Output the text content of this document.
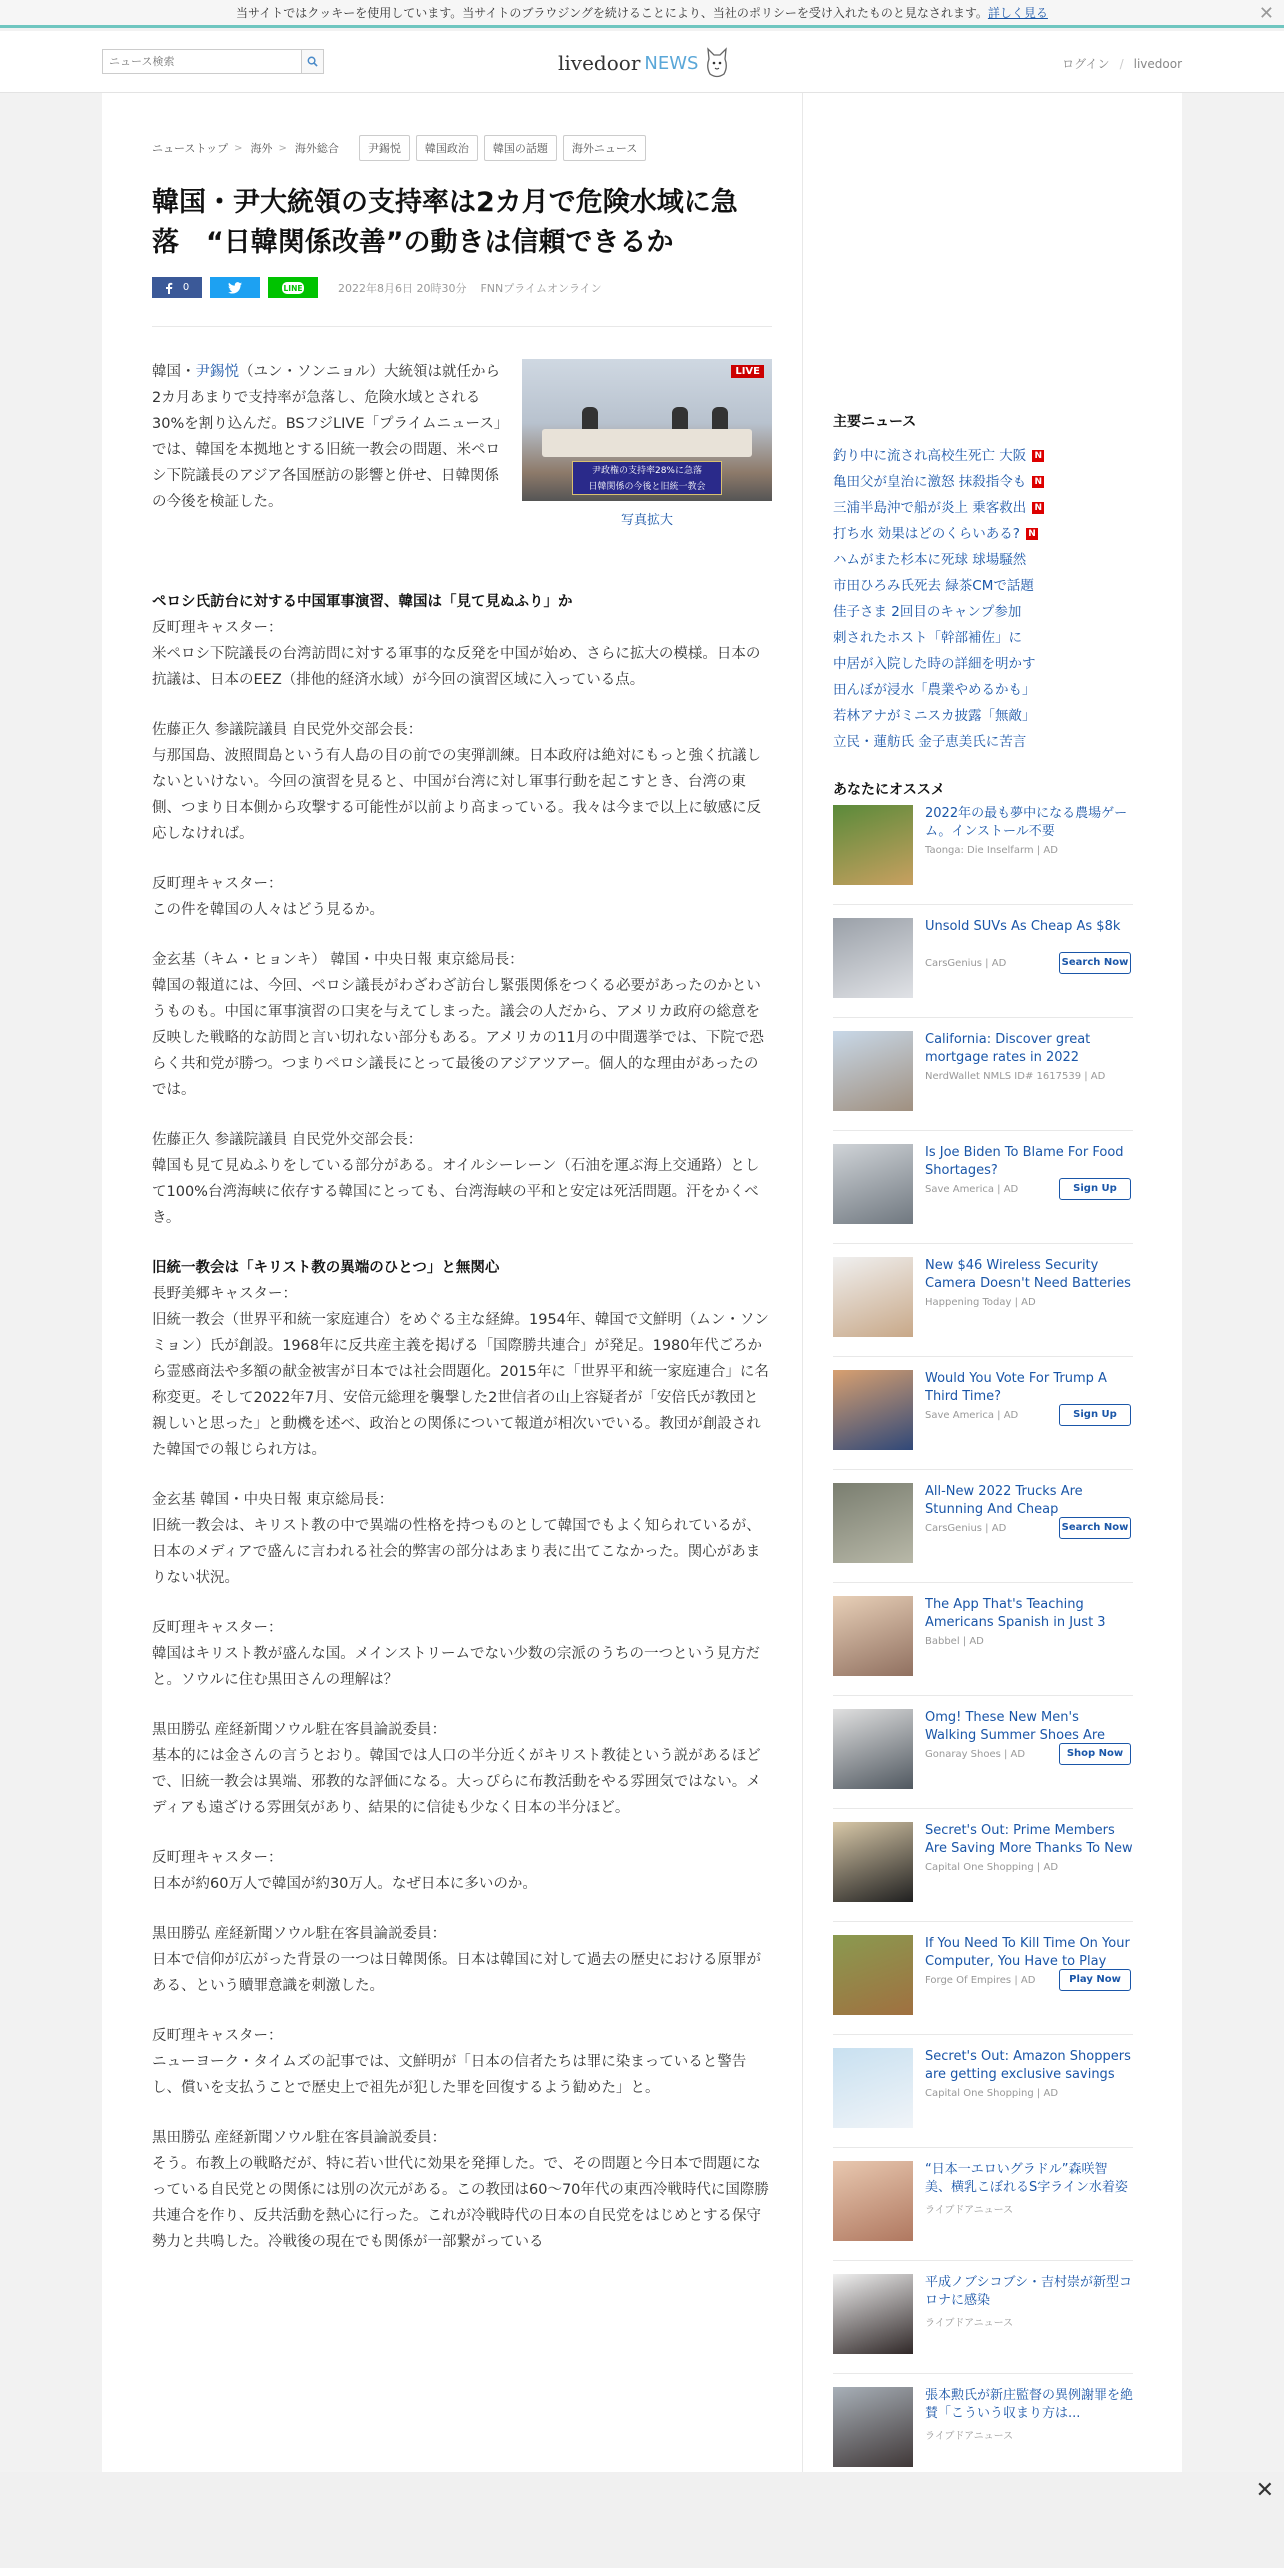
当サイトではクッキーを使用しています。当サイトのブラウジングを続けることにより、当社のポリシーを受け入れたものと見なされます。詳しく見る	✕
ニュース検索
livedoor NEWS	ログイン / livedoor
ニューストップ > 海外 > 海外総合	尹錫悦	韓国政治	韓国の話題	海外ニュース
韓国・尹大統領の支持率は2カ月で危険水域に急落　“日韓関係改善”の動きは信頼できるか
0	LINE	2022年8月6日 20時30分 FNNプライムオンライン
LIVE
尹政権の支持率28%に急落
日韓関係の今後と旧統一教会
写真拡大
韓国・尹錫悦（ユン・ソンニョル）大統領は就任から2カ月あまりで支持率が急落し、危険水域とされる30%を割り込んだ。BSフジLIVE「プライムニュース」では、韓国を本拠地とする旧統一教会の問題、米ペロシ下院議長のアジア各国歴訪の影響と併せ、日韓関係の今後を検証した。
ペロシ氏訪台に対する中国軍事演習、韓国は「見て見ぬふり」か
反町理キャスター：
米ペロシ下院議長の台湾訪問に対する軍事的な反発を中国が始め、さらに拡大の模様。日本の抗議は、日本のEEZ（排他的経済水域）が今回の演習区域に入っている点。
佐藤正久 参議院議員 自民党外交部会長：
与那国島、波照間島という有人島の目の前での実弾訓練。日本政府は絶対にもっと強く抗議しないといけない。今回の演習を見ると、中国が台湾に対し軍事行動を起こすとき、台湾の東側、つまり日本側から攻撃する可能性が以前より高まっている。我々は今まで以上に敏感に反応しなければ。
反町理キャスター：
この件を韓国の人々はどう見るか。
金玄基（キム・ヒョンキ） 韓国・中央日報 東京総局長：
韓国の報道には、今回、ペロシ議長がわざわざ訪台し緊張関係をつくる必要があったのかというものも。中国に軍事演習の口実を与えてしまった。議会の人だから、アメリカ政府の総意を反映した戦略的な訪問と言い切れない部分もある。アメリカの11月の中間選挙では、下院で恐らく共和党が勝つ。つまりペロシ議長にとって最後のアジアツアー。個人的な理由があったのでは。
佐藤正久 参議院議員 自民党外交部会長：
韓国も見て見ぬふりをしている部分がある。オイルシーレーン（石油を運ぶ海上交通路）として100%台湾海峡に依存する韓国にとっても、台湾海峡の平和と安定は死活問題。汗をかくべき。
旧統一教会は「キリスト教の異端のひとつ」と無関心
長野美郷キャスター：
旧統一教会（世界平和統一家庭連合）をめぐる主な経緯。1954年、韓国で文鮮明（ムン・ソンミョン）氏が創設。1968年に反共産主義を掲げる「国際勝共連合」が発足。1980年代ごろから霊感商法や多額の献金被害が日本では社会問題化。2015年に「世界平和統一家庭連合」に名称変更。そして2022年7月、安倍元総理を襲撃した2世信者の山上容疑者が「安倍氏が教団と親しいと思った」と動機を述べ、政治との関係について報道が相次いでいる。教団が創設された韓国での報じられ方は。
金玄基 韓国・中央日報 東京総局長：
旧統一教会は、キリスト教の中で異端の性格を持つものとして韓国でもよく知られているが、日本のメディアで盛んに言われる社会的弊害の部分はあまり表に出てこなかった。関心があまりない状況。
反町理キャスター：
韓国はキリスト教が盛んな国。メインストリームでない少数の宗派のうちの一つという見方だと。ソウルに住む黒田さんの理解は？
黒田勝弘 産経新聞ソウル駐在客員論説委員：
基本的には金さんの言うとおり。韓国では人口の半分近くがキリスト教徒という説があるほどで、旧統一教会は異端、邪教的な評価になる。大っぴらに布教活動をやる雰囲気ではない。メディアも遠ざける雰囲気があり、結果的に信徒も少なく日本の半分ほど。
反町理キャスター：
日本が約60万人で韓国が約30万人。なぜ日本に多いのか。
黒田勝弘 産経新聞ソウル駐在客員論説委員：
日本で信仰が広がった背景の一つは日韓関係。日本は韓国に対して過去の歴史における原罪がある、という贖罪意識を刺激した。
反町理キャスター：
ニューヨーク・タイムズの記事では、文鮮明が「日本の信者たちは罪に染まっていると警告し、償いを支払うことで歴史上で祖先が犯した罪を回復するよう勧めた」と。
黒田勝弘 産経新聞ソウル駐在客員論説委員：
そう。布教上の戦略だが、特に若い世代に効果を発揮した。で、その問題と今日本で問題になっている自民党との関係には別の次元がある。この教団は60～70年代の東西冷戦時代に国際勝共連合を作り、反共活動を熱心に行った。これが冷戦時代の日本の自民党をはじめとする保守勢力と共鳴した。冷戦後の現在でも関係が一部繋がっている
主要ニュース
釣り中に流され高校生死亡 大阪 N
亀田父が皇治に激怒 抹殺指令も N
三浦半島沖で船が炎上 乗客救出 N
打ち水 効果はどのくらいある? N
ハムがまた杉本に死球 球場騒然
市田ひろみ氏死去 緑茶CMで話題
佳子さま 2回目のキャンプ参加
刺されたホスト「幹部補佐」に
中居が入院した時の詳細を明かす
田んぼが浸水「農業やめるかも」
若林アナがミニスカ披露「無敵」
立民・蓮舫氏 金子恵美氏に苦言
あなたにオススメ
2022年の最も夢中になる農場ゲーム。インストール不要
Taonga: Die Inselfarm | AD
Unsold SUVs As Cheap As $8k
CarsGenius | AD	Search Now
California: Discover great mortgage rates in 2022
NerdWallet NMLS ID# 1617539 | AD
Is Joe Biden To Blame For Food Shortages?
Save America | AD	Sign Up
New $46 Wireless Security Camera Doesn't Need Batteries
Happening Today | AD
Would You Vote For Trump A Third Time?
Save America | AD	Sign Up
All-New 2022 Trucks Are Stunning And Cheap
CarsGenius | AD	Search Now
The App That's Teaching Americans Spanish in Just 3
Babbel | AD
Omg! These New Men's Walking Summer Shoes Are
Gonaray Shoes | AD	Shop Now
Secret's Out: Prime Members Are Saving More Thanks To New
Capital One Shopping | AD
If You Need To Kill Time On Your Computer, You Have to Play
Forge Of Empires | AD	Play Now
Secret's Out: Amazon Shoppers are getting exclusive savings
Capital One Shopping | AD
“日本一エロいグラドル”森咲智美、横乳こぼれるS字ライン水着姿
ライブドアニュース
平成ノブシコブシ・吉村崇が新型コロナに感染
ライブドアニュース
張本勲氏が新庄監督の異例謝罪を絶賛「こういう収まり方は...
ライブドアニュース
✕
